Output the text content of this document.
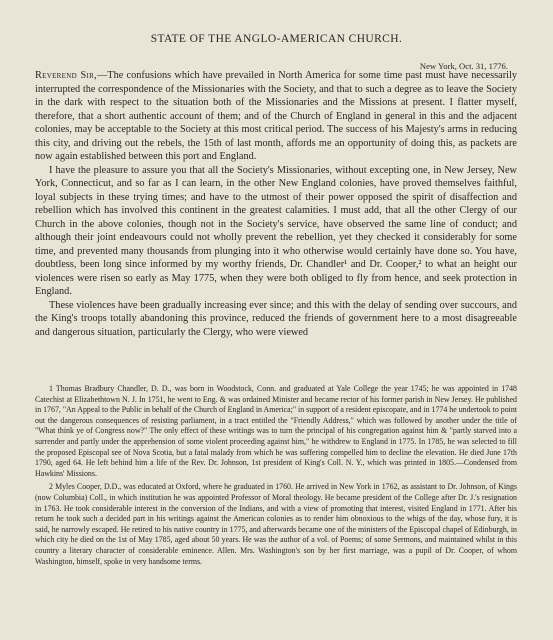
STATE OF THE ANGLO-AMERICAN CHURCH.
New York, Oct. 31, 1776.

Reverend Sir,—The confusions which have prevailed in North America for some time past must have necessarily interrupted the correspondence of the Missionaries with the Society, and that to such a degree as to leave the Society in the dark with respect to the situation both of the Missionaries and the Missions at present. I flatter myself, therefore, that a short authentic account of them; and of the Church of England in general in this and the adjacent colonies, may be acceptable to the Society at this most critical period. The success of his Majesty's arms in reducing this city, and driving out the rebels, the 15th of last month, affords me an opportunity of doing this, as packets are now again established between this port and England.

I have the pleasure to assure you that all the Society's Missionaries, without excepting one, in New Jersey, New York, Connecticut, and so far as I can learn, in the other New England colonies, have proved themselves faithful, loyal subjects in these trying times; and have to the utmost of their power opposed the spirit of disaffection and rebellion which has involved this continent in the greatest calamities. I must add, that all the other Clergy of our Church in the above colonies, though not in the Society's service, have observed the same line of conduct; and although their joint endeavours could not wholly prevent the rebellion, yet they checked it considerably for some time, and prevented many thousands from plunging into it who otherwise would certainly have done so. You have, doubtless, been long since informed by my worthy friends, Dr. Chandler¹ and Dr. Cooper,² to what an height our violences were risen so early as May 1775, when they were both obliged to fly from hence, and seek protection in England.

These violences have been gradually increasing ever since; and this with the delay of sending over succours, and the King's troops totally abandoning this province, reduced the friends of government here to a most disagreeable and dangerous situation, particularly the Clergy, who were viewed

1 Thomas Bradbury Chandler, D. D., was born in Woodstock, Conn. and graduated at Yale College the year 1745; he was appointed in 1748 Catechist at Elizabethtown N. J. In 1751, he went to Eng. & was ordained Minister and became rector of his former parish in New Jersey. He published in 1767, "An Appeal to the Public in behalf of the Church of England in America;" in support of a resident episcopate, and in 1774 he undertook to point out the dangerous consequences of resisting parliament, in a tract entitled the "Friendly Address," which was followed by another under the title of "What think ye of Congress now?" The only effect of these writings was to turn the principal of his congregation against him & "partly starved into a surrender and partly under the apprehension of some violent proceeding against him," he withdrew to England in 1775. In 1785, he was selected to fill the proposed Episcopal see of Nova Scotia, but a fatal malady from which he was suffering compelled him to decline the elevation. He died June 17th 1790, aged 64. He left behind him a life of the Rev. Dr. Johnson, 1st president of King's Coll. N. Y., which was printed in 1805.—Condensed from Hawkins' Missions.

2 Myles Cooper, D.D., was educated at Oxford, where he graduated in 1760. He arrived in New York in 1762, as assistant to Dr. Johnson, of Kings (now Columbia) Coll., in which institution he was appointed Professor of Moral theology. He became president of the College after Dr. J.'s resignation in 1763. He took considerable interest in the conversion of the Indians, and with a view of promoting that interest, visited England in 1771. After his return he took such a decided part in his writings against the American colonies as to render him obnoxious to the whigs of the day, whose fury, it is said, he narrowly escaped. He retired to his native country in 1775, and afterwards became one of the ministers of the Episcopal chapel of Edinburgh, in which city he died on the 1st of May 1785, aged about 50 years. He was the author of a vol. of Poems; of some Sermons, and maintained whilst in this country a literary character of considerable eminence. Allen. Mrs. Washington's son by her first marriage, was a pupil of Dr. Cooper, of whom Washington, himself, spoke in very handsome terms.
